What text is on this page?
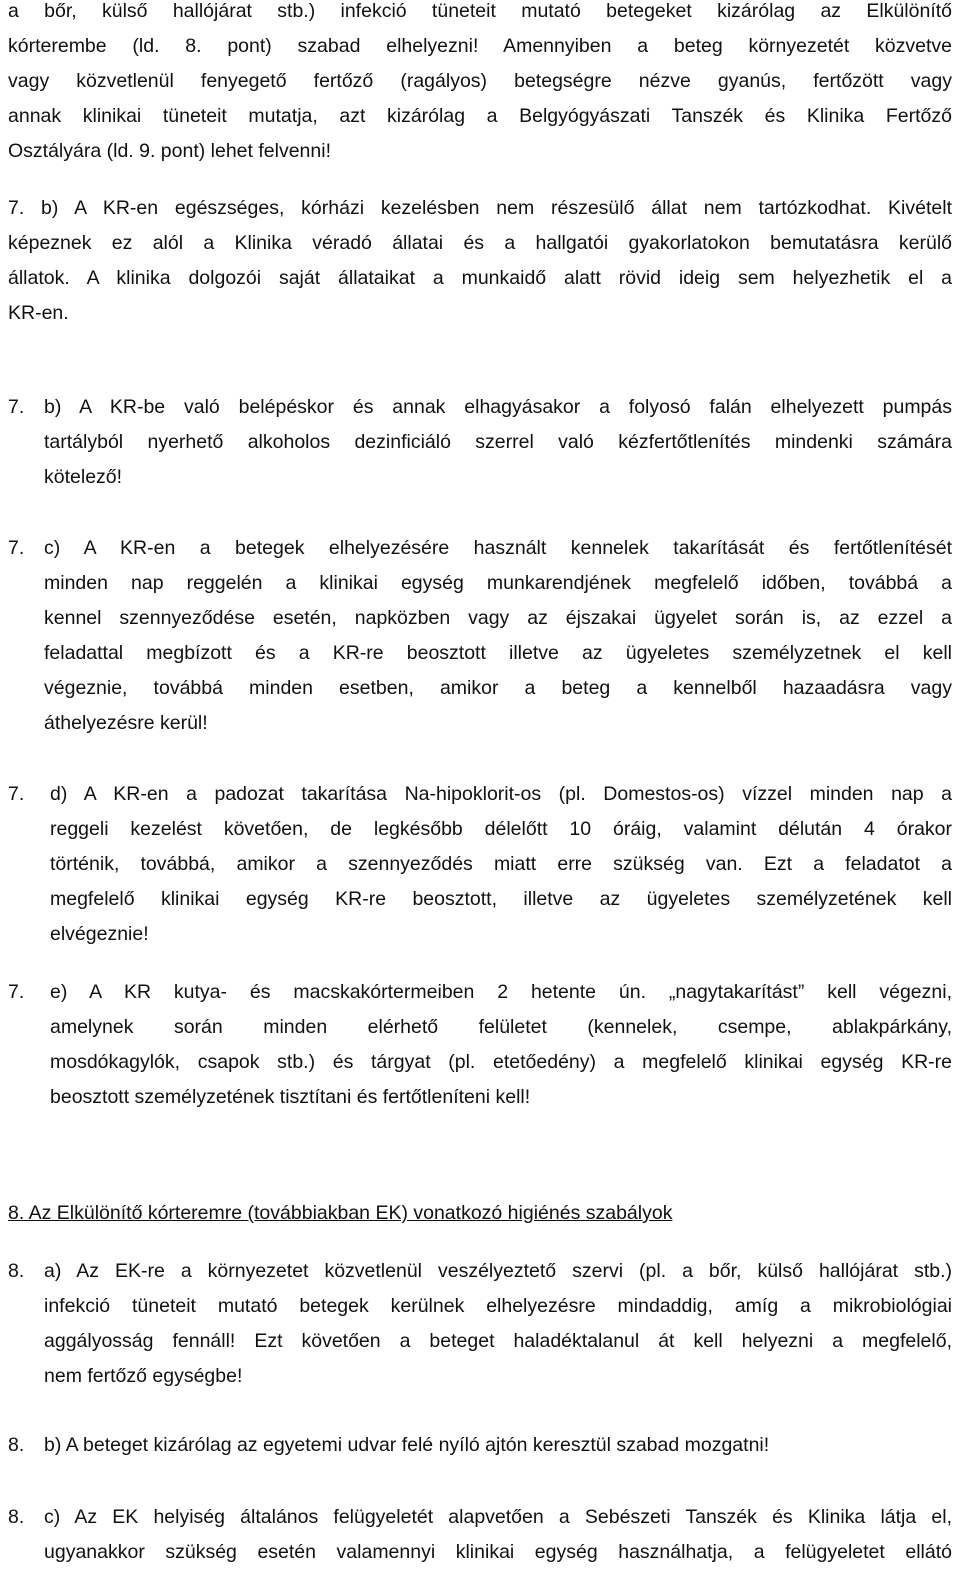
a bőr, külső hallójárat stb.) infekció tüneteit mutató betegeket kizárólag az Elkülönítő
kórterembe (ld. 8. pont) szabad elhelyezni! Amennyiben a beteg környezetét közvetve
vagy közvetlenül fenyegető fertőző (ragályos) betegségre nézve gyanús, fertőzött vagy
annak klinikai tüneteit mutatja, azt kizárólag a Belgyógyászati Tanszék és Klinika Fertőző
Osztályára (ld. 9. pont) lehet felvenni!
7. b) A KR-en egészséges, kórházi kezelésben nem részesülő állat nem tartózkodhat. Kivételt
képeznek ez alól a Klinika véradó állatai és a hallgatói gyakorlatokon bemutatásra kerülő
állatok. A klinika dolgozói saját állataikat a munkaidő alatt rövid ideig sem helyezhetik el a
KR-en.
7.	b) A KR-be való belépéskor és annak elhagyásakor a folyosó falán elhelyezett pumpás
tartályból nyerhető alkoholos dezinficiáló szerrel való kézfertőtlenítés mindenki számára
kötelező!
7.	c) A KR-en a betegek elhelyezésére használt kennelek takarítását és fertőtlenítését
minden nap reggelén a klinikai egység munkarendjének megfelelő időben, továbbá a
kennel szennyeződése esetén, napközben vagy az éjszakai ügyelet során is, az ezzel a
feladattal megbízott és a KR-re beosztott illetve az ügyeletes személyzetnek el kell
végeznie, továbbá minden esetben, amikor a beteg a kennelből hazaadásra vagy
áthelyezésre kerül!
7.	d) A KR-en a padozat takarítása Na-hipoklorit-os (pl. Domestos-os) vízzel minden nap a
reggeli kezelést követően, de legkésőbb délelőtt 10 óráig, valamint délután 4 órakor
történik, továbbá, amikor a szennyeződés miatt erre szükség van. Ezt a feladatot a
megfelelő klinikai egység KR-re beosztott, illetve az ügyeletes személyzetének kell
elvégeznie!
7.	e) A KR kutya- és macskakórtermeiben 2 hetente ún. „nagytakarítást” kell végezni,
amelynek során minden elérhető felületet (kennelek, csempe, ablakpárkány,
mosdókagylók, csapok stb.) és tárgyat (pl. etetőedény) a megfelelő klinikai egység KR-re
beosztott személyzetének tisztítani és fertőtleníteni kell!
8. Az Elkülönítő kórteremre (továbbiakban EK) vonatkozó higiénés szabályok
8.	a) Az EK-re a környezetet közvetlenül veszélyeztető szervi (pl. a bőr, külső hallójárat stb.)
infekció tüneteit mutató betegek kerülnek elhelyezésre mindaddig, amíg a mikrobiológiai
aggályosság fennáll! Ezt követően a beteget haladéktalanul át kell helyezni a megfelelő,
nem fertőző egységbe!
8.	b) A beteget kizárólag az egyetemi udvar felé nyíló ajtón keresztül szabad mozgatni!
8.	c) Az EK helyiség általános felügyeletét alapvetően a Sebészeti Tanszék és Klinika látja el,
ugyanakkor szükség esetén valamennyi klinikai egység használhatja, a felügyeletet ellátó
